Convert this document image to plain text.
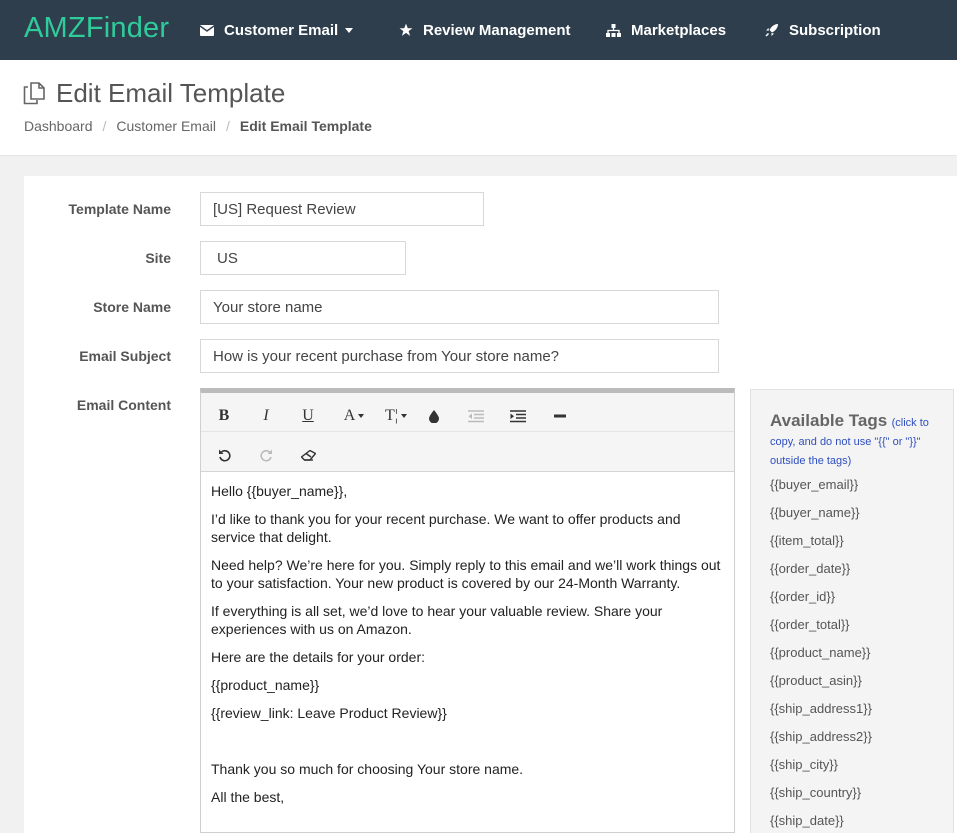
AMZFinder	Customer Email	Review Management	Marketplaces	Subscription
Edit Email Template
Dashboard / Customer Email / Edit Email Template
Template Name	[US] Request Review
Site	US
Store Name	Your store name
Email Subject	How is your recent purchase from Your store name?
Email Content
B	I	U	A T¦

Hello {{buyer_name}},

I’d like to thank you for your recent purchase. We want to offer products and service that delight.

Need help? We’re here for you. Simply reply to this email and we’ll work things out to your satisfaction. Your new product is covered by our 24-Month Warranty.

If everything is all set, we’d love to hear your valuable review. Share your experiences with us on Amazon.

Here are the details for your order:

{{product_name}}

{{review_link: Leave Product Review}}

Thank you so much for choosing Your store name.

All the best,

Available Tags (click to copy, and do not use "{{" or "}}" outside the tags)
{{buyer_email}}
{{buyer_name}}
{{item_total}}
{{order_date}}
{{order_id}}
{{order_total}}
{{product_name}}
{{product_asin}}
{{ship_address1}}
{{ship_address2}}
{{ship_city}}
{{ship_country}}
{{ship_date}}
